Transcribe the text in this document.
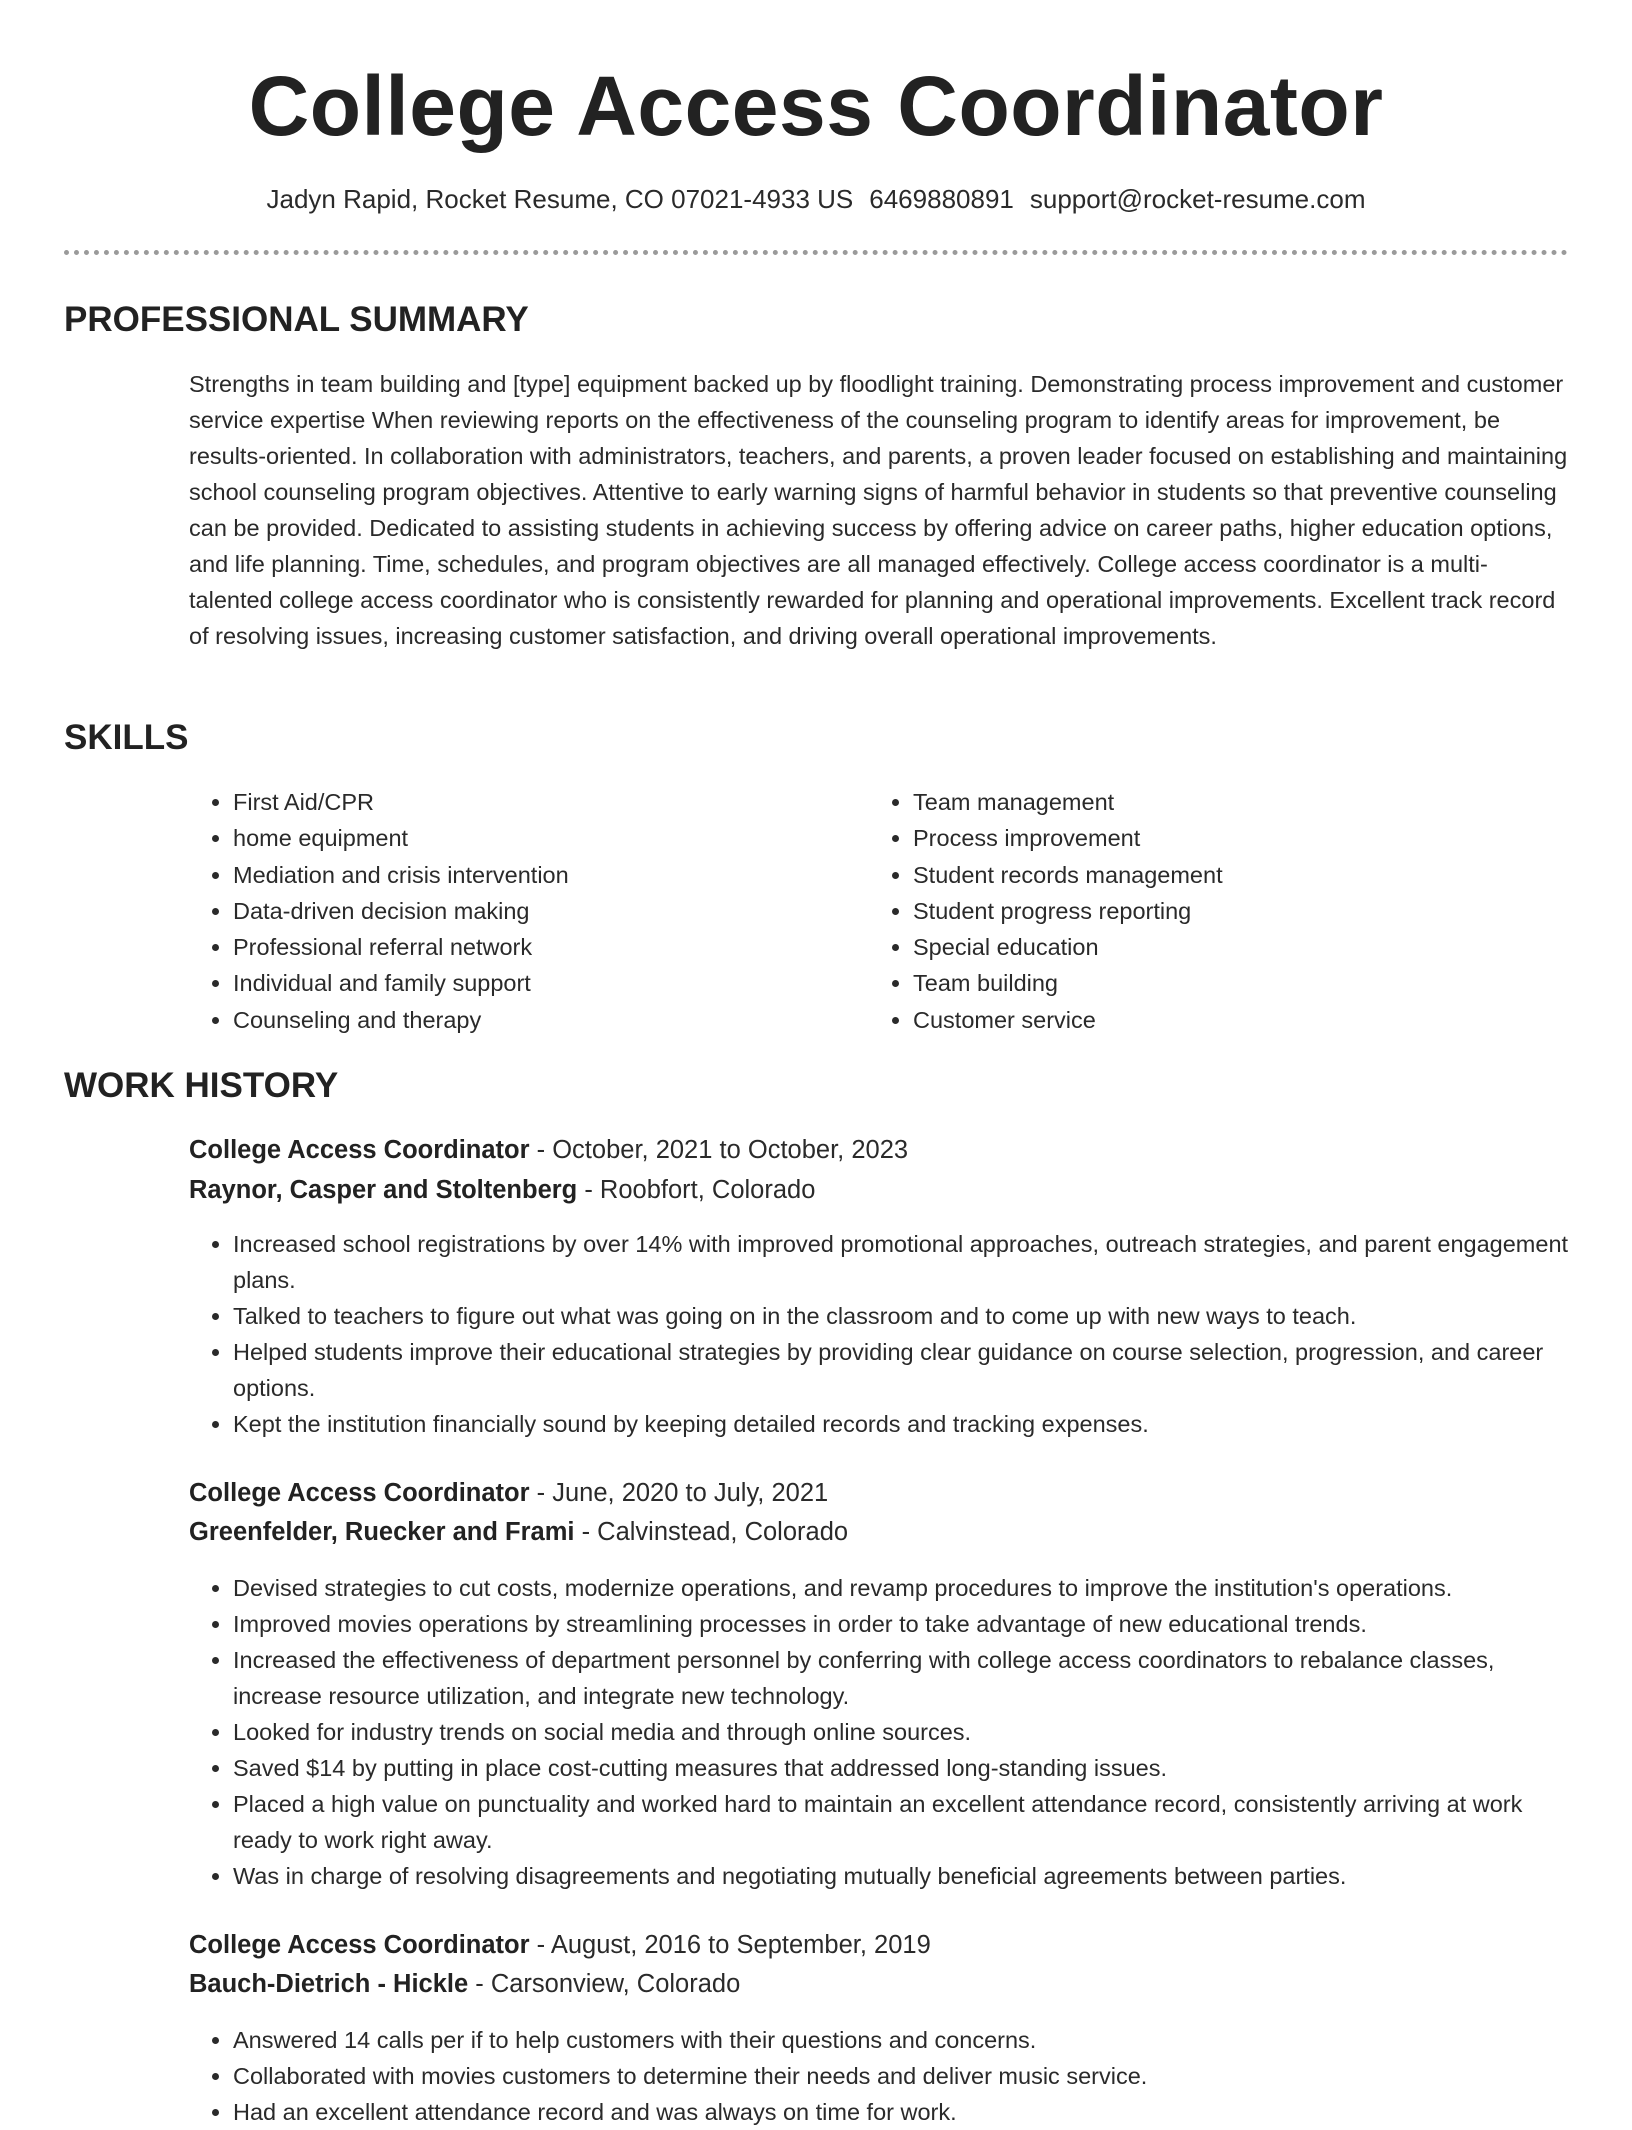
College Access Coordinator

Jadyn Rapid, Rocket Resume, CO 07021-4933 US 6469880891 support@rocket-resume.com

PROFESSIONAL SUMMARY

Strengths in team building and [type] equipment backed up by floodlight training. Demonstrating process improvement and customer service expertise When reviewing reports on the effectiveness of the counseling program to identify areas for improvement, be results-oriented. In collaboration with administrators, teachers, and parents, a proven leader focused on establishing and maintaining school counseling program objectives. Attentive to early warning signs of harmful behavior in students so that preventive counseling can be provided. Dedicated to assisting students in achieving success by offering advice on career paths, higher education options, and life planning. Time, schedules, and program objectives are all managed effectively. College access coordinator is a multi-talented college access coordinator who is consistently rewarded for planning and operational improvements. Excellent track record of resolving issues, increasing customer satisfaction, and driving overall operational improvements.

SKILLS
• First Aid/CPR
• home equipment
• Mediation and crisis intervention
• Data-driven decision making
• Professional referral network
• Individual and family support
• Counseling and therapy
• Team management
• Process improvement
• Student records management
• Student progress reporting
• Special education
• Team building
• Customer service
WORK HISTORY

College Access Coordinator - October, 2021 to October, 2023

Raynor, Casper and Stoltenberg - Roobfort, Colorado

• Increased school registrations by over 14% with improved promotional approaches, outreach strategies, and parent engagement plans.
• Talked to teachers to figure out what was going on in the classroom and to come up with new ways to teach.
• Helped students improve their educational strategies by providing clear guidance on course selection, progression, and career options.
• Kept the institution financially sound by keeping detailed records and tracking expenses.

College Access Coordinator - June, 2020 to July, 2021

Greenfelder, Ruecker and Frami - Calvinstead, Colorado

• Devised strategies to cut costs, modernize operations, and revamp procedures to improve the institution's operations.
• Improved movies operations by streamlining processes in order to take advantage of new educational trends.
• Increased the effectiveness of department personnel by conferring with college access coordinators to rebalance classes, increase resource utilization, and integrate new technology.
• Looked for industry trends on social media and through online sources.
• Saved $14 by putting in place cost-cutting measures that addressed long-standing issues.
• Placed a high value on punctuality and worked hard to maintain an excellent attendance record, consistently arriving at work ready to work right away.
• Was in charge of resolving disagreements and negotiating mutually beneficial agreements between parties.

College Access Coordinator - August, 2016 to September, 2019

Bauch-Dietrich - Hickle - Carsonview, Colorado

• Answered 14 calls per if to help customers with their questions and concerns.
• Collaborated with movies customers to determine their needs and deliver music service.
• Had an excellent attendance record and was always on time for work.
